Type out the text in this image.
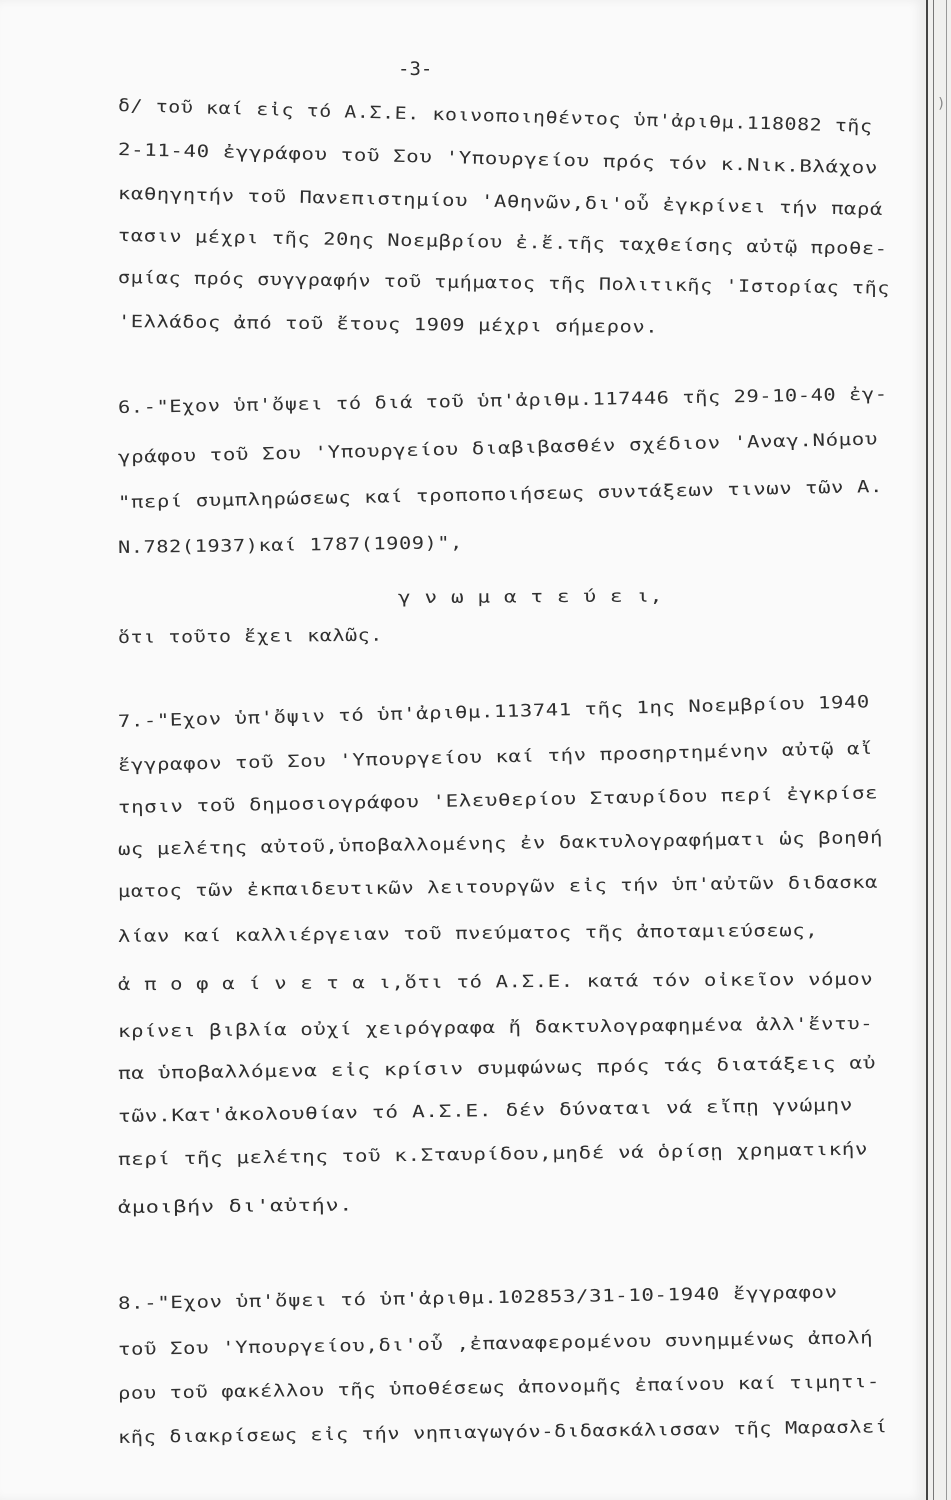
-3-
δ/ τοῦ καί εἰς τό Α.Σ.Ε. κοινοποιηθέντος ὑπ'ἀριθμ.118082 τῆς
2-11-40 ἐγγράφου τοῦ Σου 'Υπουργείου πρός τόν κ.Νικ.Βλάχον
καθηγητήν τοῦ Πανεπιστημίου 'Αθηνῶν,δι'οὗ ἐγκρίνει τήν παρά
τασιν μέχρι τῆς 20ης Νοεμβρίου ἐ.ἔ.τῆς ταχθείσης αὐτῷ προθε-
σμίας πρός συγγραφήν τοῦ τμήματος τῆς Πολιτικῆς 'Ιστορίας τῆς
'Ελλάδος ἀπό τοῦ ἔτους 1909 μέχρι σήμερον.
6.-"Εχον ὑπ'ὄψει τό διά τοῦ ὑπ'ἀριθμ.117446 τῆς 29-10-40 ἐγ-
γράφου τοῦ Σου 'Υπουργείου διαβιβασθέν σχέδιον 'Αναγ.Νόμου
"περί συμπληρώσεως καί τροποποιήσεως συντάξεων τινων τῶν Α.
Ν.782(1937)καί 1787(1909)",
γ ν ω μ α τ ε ύ ε ι,
ὅτι τοῦτο ἔχει καλῶς.
7.-"Εχον ὑπ'ὄψιν τό ὑπ'ἀριθμ.113741 τῆς 1ης Νοεμβρίου 1940
ἔγγραφον τοῦ Σου 'Υπουργείου καί τήν προσηρτημένην αὐτῷ αἴ
τησιν τοῦ δημοσιογράφου 'Ελευθερίου Σταυρίδου περί ἐγκρίσε
ως μελέτης αὐτοῦ,ὑποβαλλομένης ἐν δακτυλογραφήματι ὡς βοηθή
ματος τῶν ἐκπαιδευτικῶν λειτουργῶν εἰς τήν ὑπ'αὐτῶν διδασκα
λίαν καί καλλιέργειαν τοῦ πνεύματος τῆς ἀποταμιεύσεως,
ἀ π ο φ α ί ν ε τ α ι,ὅτι τό Α.Σ.Ε. κατά τόν οἰκεῖον νόμον
κρίνει βιβλία οὐχί χειρόγραφα ἤ δακτυλογραφημένα ἀλλ'ἔντυ-
πα ὑποβαλλόμενα εἰς κρίσιν συμφώνως πρός τάς διατάξεις αὐ
τῶν.Κατ'ἀκολουθίαν τό Α.Σ.Ε. δέν δύναται νά εἴπῃ γνώμην
περί τῆς μελέτης τοῦ κ.Σταυρίδου,μηδέ νά ὁρίσῃ χρηματικήν
ἀμοιβήν δι'αὐτήν.
8.-"Εχον ὑπ'ὄψει τό ὑπ'ἀριθμ.102853/31-10-1940 ἔγγραφον
τοῦ Σου 'Υπουργείου,δι'οὗ ,ἐπαναφερομένου συνημμένως ἀπολή
ρου τοῦ φακέλλου τῆς ὑποθέσεως ἀπονομῆς ἐπαίνου καί τιμητι-
κῆς διακρίσεως εἰς τήν νηπιαγωγόν-διδασκάλισσαν τῆς Μαρασλεί
)
